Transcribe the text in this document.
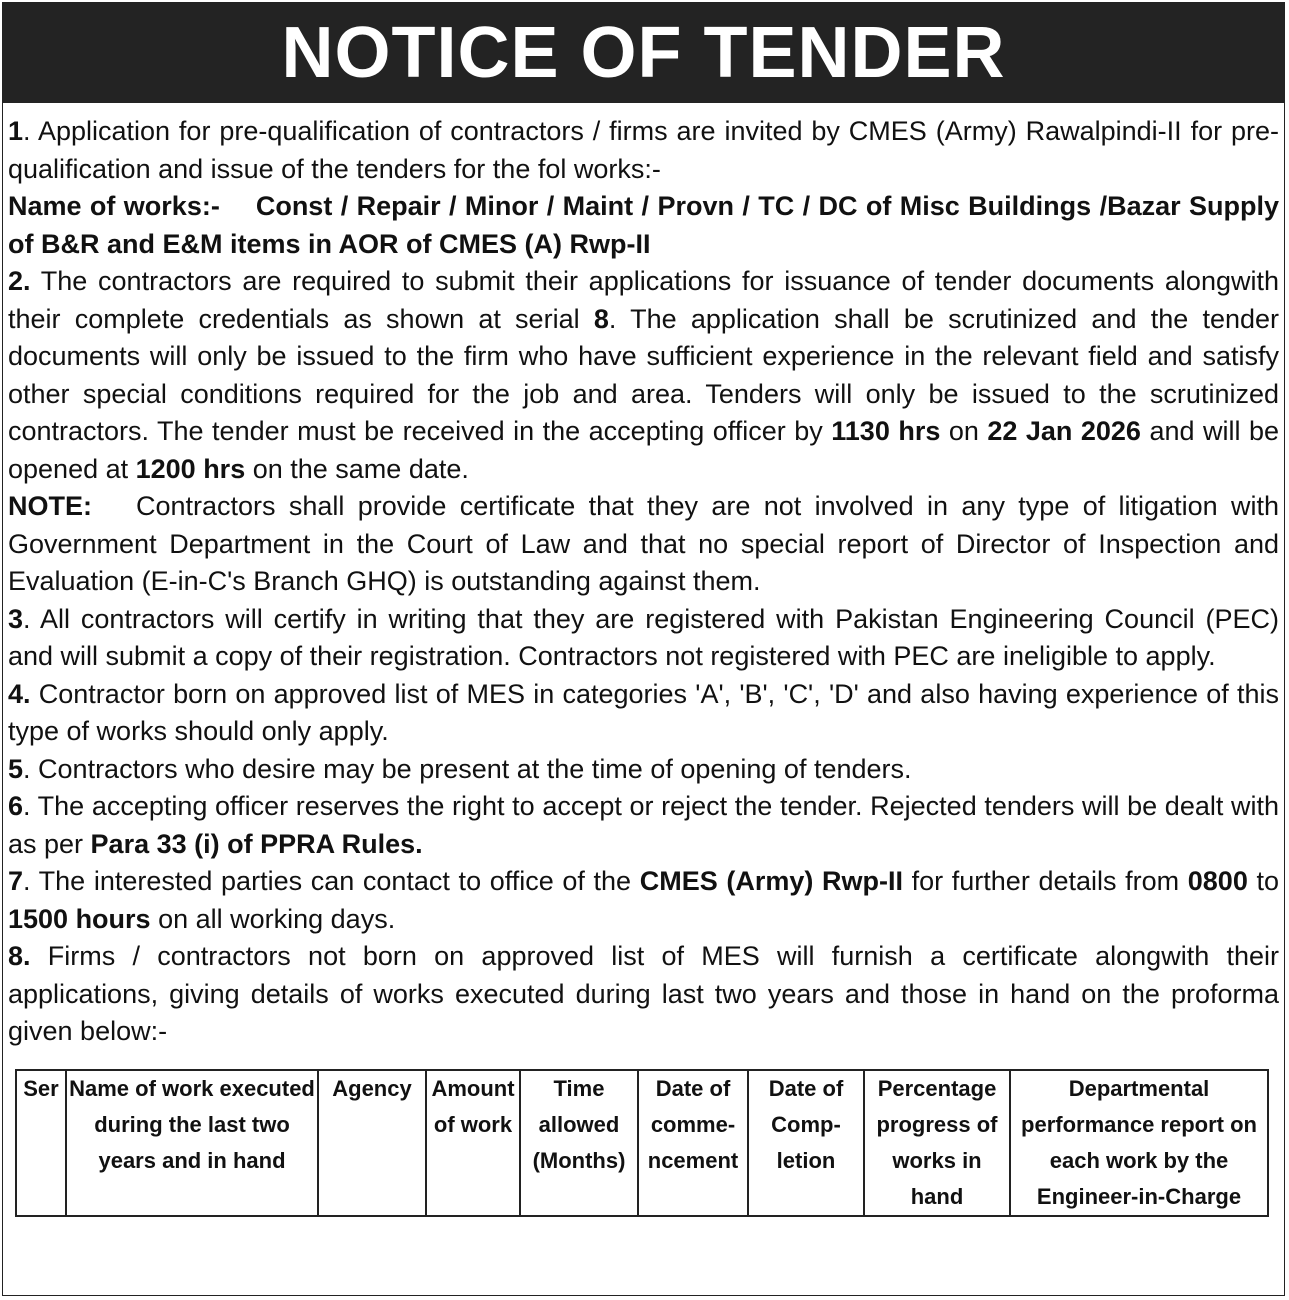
NOTICE OF TENDER

1. Application for pre-qualification of contractors / firms are invited by CMES (Army) Rawalpindi-II for pre-qualification and issue of the tenders for the fol works:-

Name of works:- Const / Repair / Minor / Maint / Provn / TC / DC of Misc Buildings /Bazar Supply of B&R and E&M items in AOR of CMES (A) Rwp-II

2. The contractors are required to submit their applications for issuance of tender documents alongwith their complete credentials as shown at serial 8. The application shall be scrutinized and the tender documents will only be issued to the firm who have sufficient experience in the relevant field and satisfy other special conditions required for the job and area. Tenders will only be issued to the scrutinized contractors. The tender must be received in the accepting officer by 1130 hrs on 22 Jan 2026 and will be opened at 1200 hrs on the same date.

NOTE: Contractors shall provide certificate that they are not involved in any type of litigation with Government Department in the Court of Law and that no special report of Director of Inspection and Evaluation (E-in-C's Branch GHQ) is outstanding against them.

3. All contractors will certify in writing that they are registered with Pakistan Engineering Council (PEC) and will submit a copy of their registration. Contractors not registered with PEC are ineligible to apply.

4. Contractor born on approved list of MES in categories 'A', 'B', 'C', 'D' and also having experience of this type of works should only apply.

5. Contractors who desire may be present at the time of opening of tenders.

6. The accepting officer reserves the right to accept or reject the tender. Rejected tenders will be dealt with as per Para 33 (i) of PPRA Rules.

7. The interested parties can contact to office of the CMES (Army) Rwp-II for further details from 0800 to 1500 hours on all working days.

8. Firms / contractors not born on approved list of MES will furnish a certificate alongwith their applications, giving details of works executed during last two years and those in hand on the proforma given below:-

Ser	Name of work executed during the last two years and in hand	Agency	Amount of work	Time allowed (Months)	Date of comme-ncement	Date of Comp-letion	Percentage progress of works in hand	Departmental performance report on each work by the Engineer-in-Charge
